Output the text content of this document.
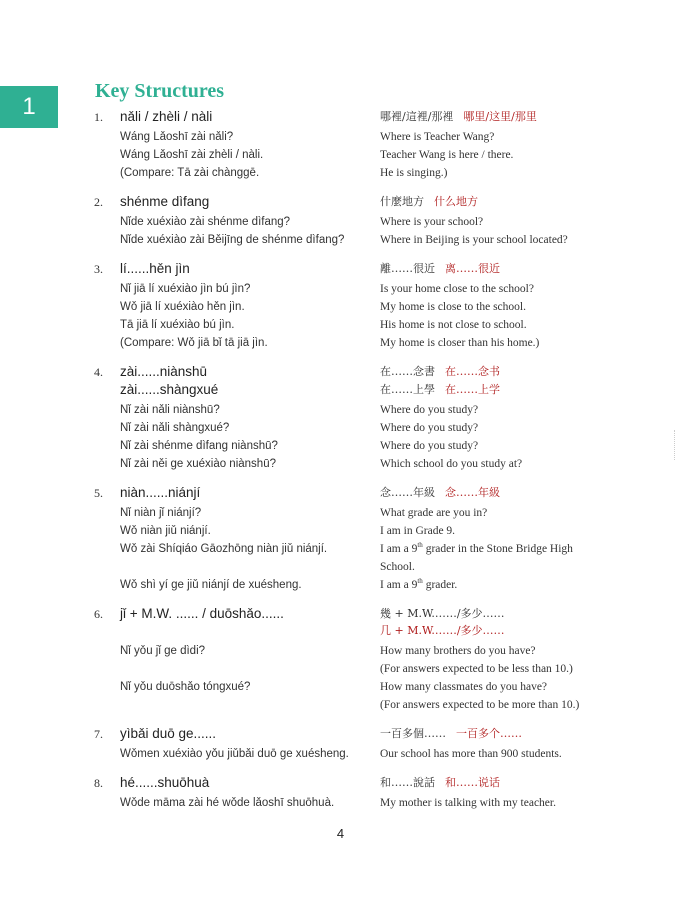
1
Key Structures
1.	nǎli / zhèli / nàli	哪裡/這裡/那裡 哪里/这里/那里
Wáng Lǎoshī zài nǎli?	Where is Teacher Wang?
Wáng Lǎoshī zài zhèli / nàli.	Teacher Wang is here / there.
(Compare: Tā zài chànggē.	He is singing.)
2.	shénme dìfang	什麼地方 什么地方
Nǐde xuéxiào zài shénme dìfang?	Where is your school?
Nǐde xuéxiào zài Běijīng de shénme dìfang?	Where in Beijing is your school located?
3.	lí......hěn jìn	離……很近 离……很近
Nǐ jiā lí xuéxiào jìn bú jìn?	Is your home close to the school?
Wǒ jiā lí xuéxiào hěn jìn.	My home is close to the school.
Tā jiā lí xuéxiào bú jìn.	His home is not close to school.
(Compare: Wǒ jiā bǐ tā jiā jìn.	My home is closer than his home.)
4.	zài......niànshū	在……念書 在……念书
zài......shàngxué	在……上學 在……上学
Nǐ zài nǎli niànshū?	Where do you study?
Nǐ zài nǎli shàngxué?	Where do you study?
Nǐ zài shénme dìfang niànshū?	Where do you study?
Nǐ zài něi ge xuéxiào niànshū?	Which school do you study at?
5.	niàn......niánjí	念……年級 念……年級
Nǐ niàn jǐ niánjí?	What grade are you in?
Wǒ niàn jiǔ niánjí.	I am in Grade 9.
Wǒ zài Shíqiáo Gāozhōng niàn jiǔ niánjí.	I am a 9th grader in the Stone Bridge High
School.
Wǒ shì yí ge jiǔ niánjí de xuésheng.	I am a 9th grader.
6.	jǐ + M.W. ...... / duōshǎo......	幾 + M.W.……/多少……
几 + M.W.……/多少……
Nǐ yǒu jǐ ge dìdi?	How many brothers do you have?
(For answers expected to be less than 10.)
Nǐ yǒu duōshǎo tóngxué?	How many classmates do you have?
(For answers expected to be more than 10.)
7.	yìbǎi duō ge......	一百多個…… 一百多个……
Wǒmen xuéxiào yǒu jiǔbǎi duō ge xuésheng.	Our school has more than 900 students.
8.	hé......shuōhuà	和……說話 和……说话
Wǒde māma zài hé wǒde lǎoshī shuōhuà.	My mother is talking with my teacher.
4
